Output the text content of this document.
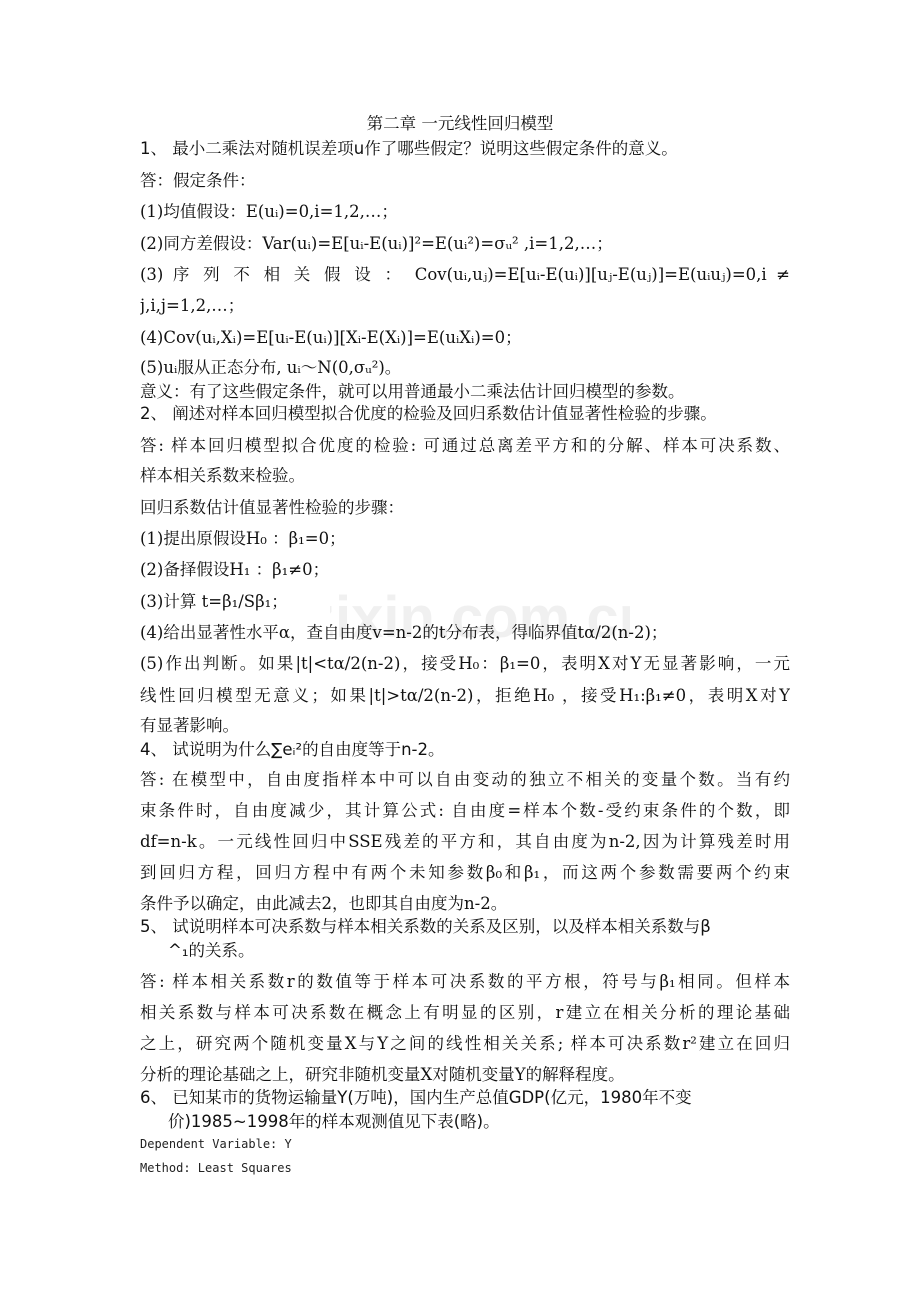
第二章 一元线性回归模型
1、 最小二乘法对随机误差项u作了哪些假定？说明这些假定条件的意义。
答：假定条件：
(1)均值假设：E(uᵢ)=0,i=1,2,…；
(2)同方差假设：Var(uᵢ)=E[uᵢ-E(uᵢ)]²=E(uᵢ²)=σᵤ² ,i=1,2,…；
(3) 序 列 不 相 关 假 设 ： Cov(uᵢ,uⱼ)=E[uᵢ-E(uᵢ)][uⱼ-E(uⱼ)]=E(uᵢuⱼ)=0,i ≠
j,i,j=1,2,…；
(4)Cov(uᵢ,Xᵢ)=E[uᵢ-E(uᵢ)][Xᵢ-E(Xᵢ)]=E(uᵢXᵢ)=0；
(5)uᵢ服从正态分布, uᵢ～N(0,σᵤ²)。
意义：有了这些假定条件，就可以用普通最小二乘法估计回归模型的参数。
2、 阐述对样本回归模型拟合优度的检验及回归系数估计值显著性检验的步骤。
答: 样本回归模型拟合优度的检验: 可通过总离差平方和的分解、样本可决系数、
样本相关系数来检验。
回归系数估计值显著性检验的步骤：
(1)提出原假设H₀ ：β₁=0；
(2)备择假设H₁ ：β₁≠0；
(3)计算 t=β₁/Sβ₁；
(4)给出显著性水平α，查自由度v=n-2的t分布表，得临界值tα/2(n-2)；
(5)作出判断。如果|t|<tα/2(n-2)，接受H₀：β₁=0，表明X对Y无显著影响，一元
线性回归模型无意义；如果|t|>tα/2(n-2)，拒绝H₀ ，接受H₁:β₁≠0，表明X对Y
有显著影响。
4、 试说明为什么∑eᵢ²的自由度等于n-2。
答: 在模型中，自由度指样本中可以自由变动的独立不相关的变量个数。当有约
束条件时，自由度减少，其计算公式: 自由度=样本个数-受约束条件的个数，即
df=n-k。一元线性回归中SSE残差的平方和，其自由度为n-2,因为计算残差时用
到回归方程，回归方程中有两个未知参数β₀和β₁，而这两个参数需要两个约束
条件予以确定，由此减去2，也即其自由度为n-2。
5、 试说明样本可决系数与样本相关系数的关系及区别，以及样本相关系数与β
^₁的关系。
答: 样本相关系数r的数值等于样本可决系数的平方根，符号与β₁相同。但样本
相关系数与样本可决系数在概念上有明显的区别，r建立在相关分析的理论基础
之上，研究两个随机变量X与Y之间的线性相关关系; 样本可决系数r²建立在回归
分析的理论基础之上，研究非随机变量X对随机变量Y的解释程度。
6、 已知某市的货物运输量Y(万吨)，国内生产总值GDP(亿元，1980年不变
价)1985~1998年的样本观测值见下表(略)。
Dependent Variable: Y
Method: Least Squares
ixin.com.c
